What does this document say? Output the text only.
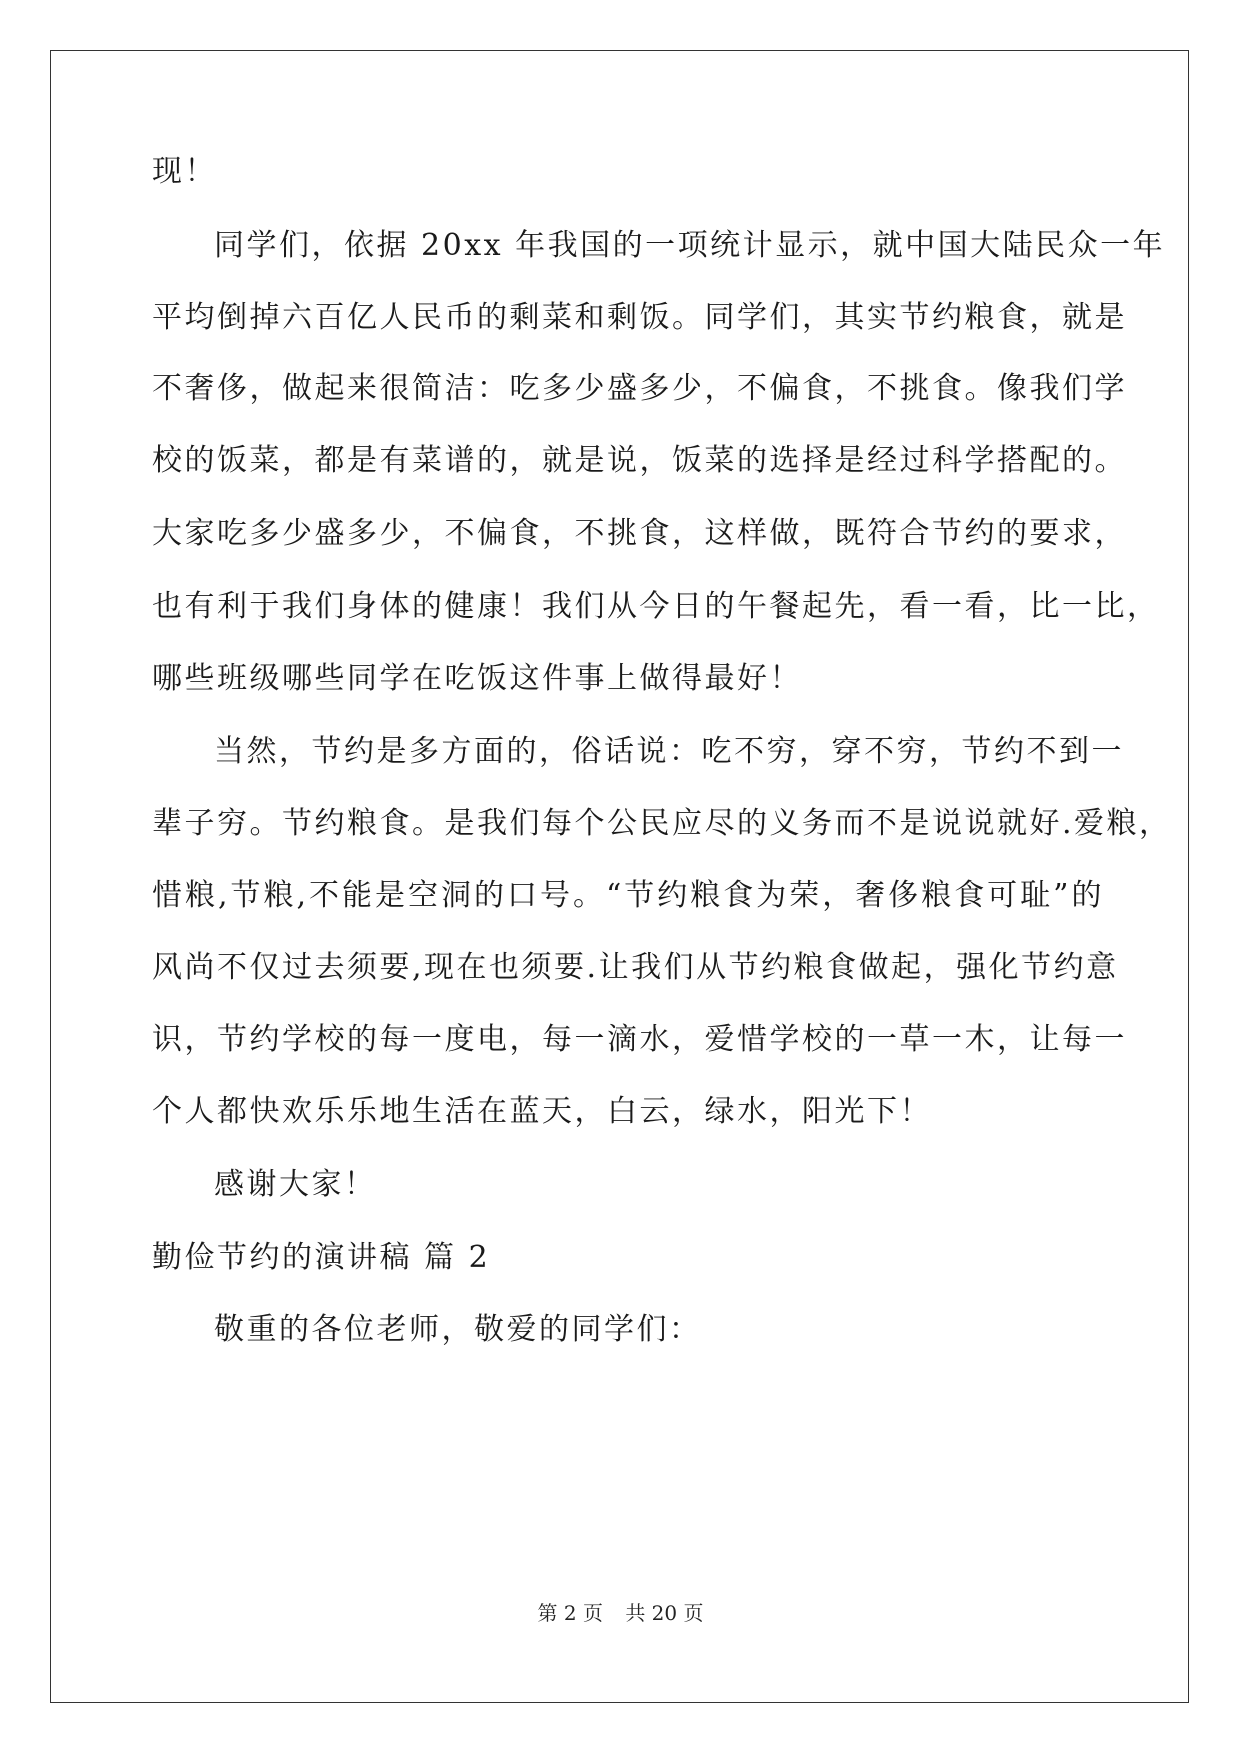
现！
同学们，依据 20xx 年我国的一项统计显示，就中国大陆民众一年
平均倒掉六百亿人民币的剩菜和剩饭。同学们，其实节约粮食，就是
不奢侈，做起来很简洁：吃多少盛多少，不偏食，不挑食。像我们学
校的饭菜，都是有菜谱的，就是说，饭菜的选择是经过科学搭配的。
大家吃多少盛多少，不偏食，不挑食，这样做，既符合节约的要求，
也有利于我们身体的健康！我们从今日的午餐起先，看一看，比一比，
哪些班级哪些同学在吃饭这件事上做得最好！
当然，节约是多方面的，俗话说：吃不穷，穿不穷，节约不到一
辈子穷。节约粮食。是我们每个公民应尽的义务而不是说说就好.爱粮，
惜粮,节粮,不能是空洞的口号。“节约粮食为荣，奢侈粮食可耻”的
风尚不仅过去须要,现在也须要.让我们从节约粮食做起，强化节约意
识，节约学校的每一度电，每一滴水，爱惜学校的一草一木，让每一
个人都快欢乐乐地生活在蓝天，白云，绿水，阳光下！
感谢大家！
勤俭节约的演讲稿 篇 2
敬重的各位老师，敬爱的同学们：
第 2 页 共 20 页
